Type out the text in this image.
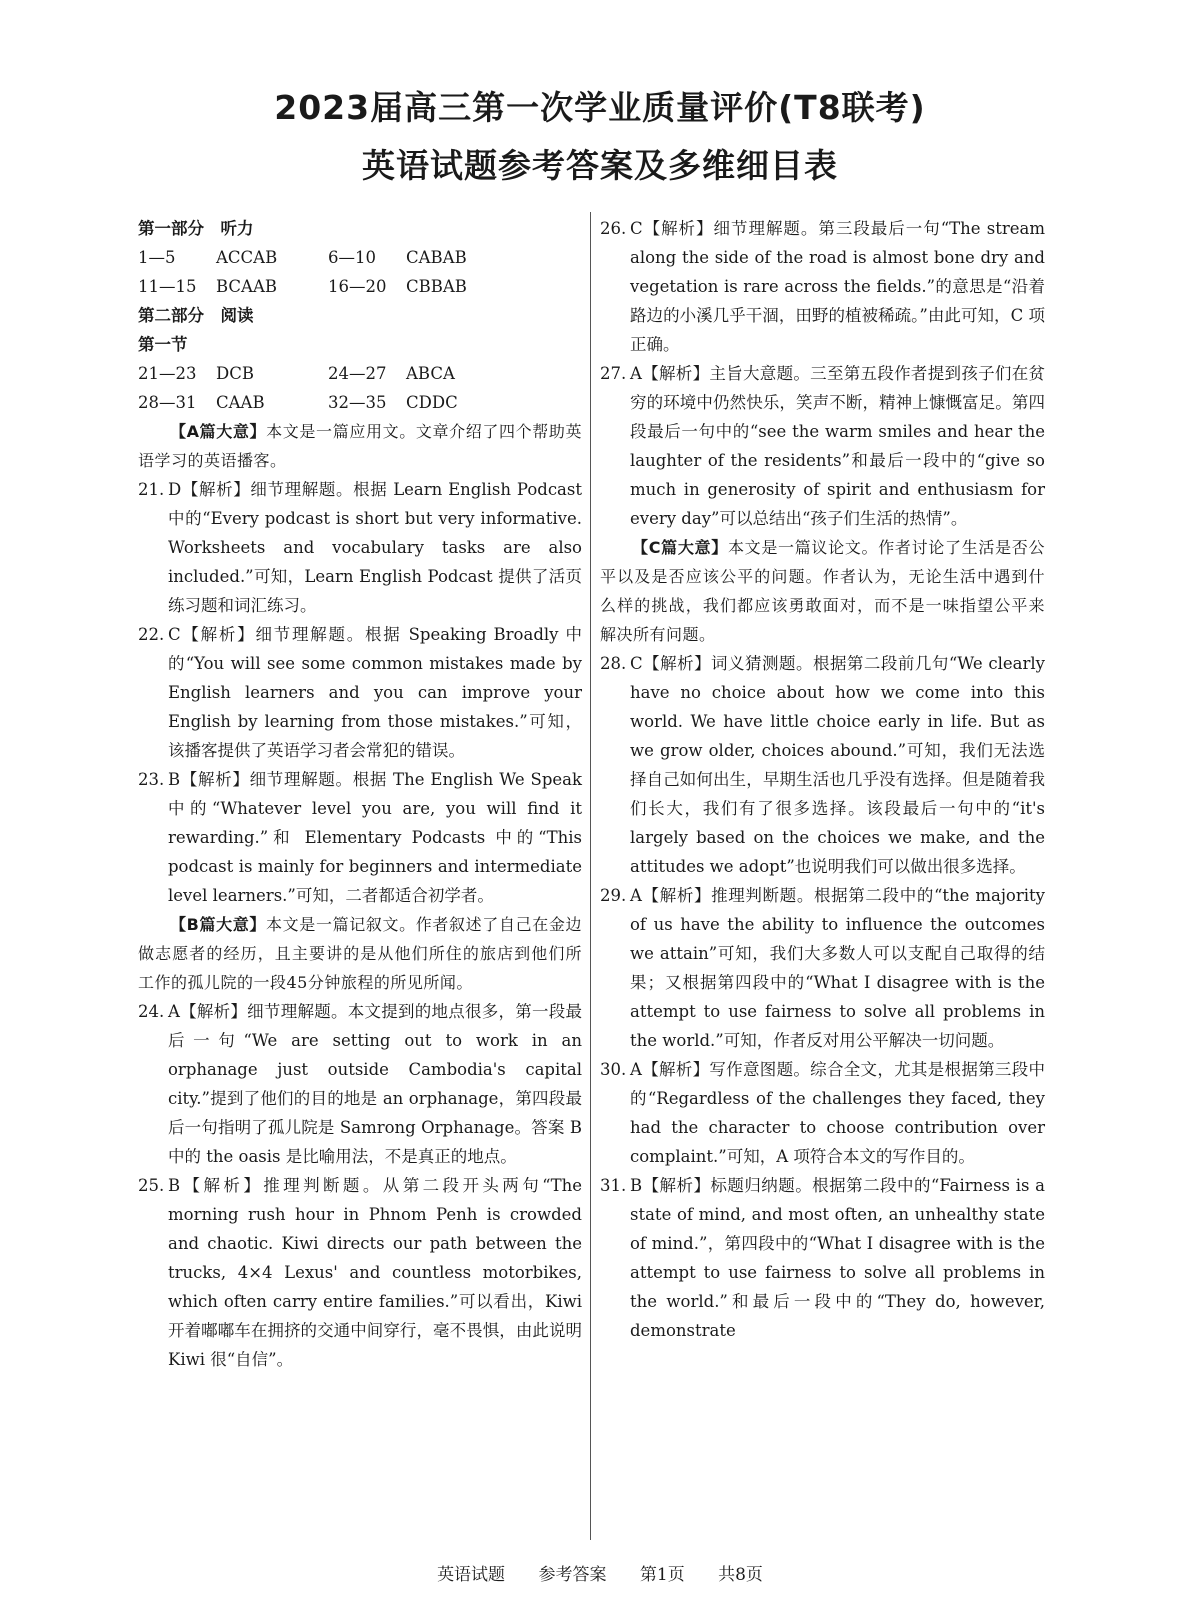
2023届高三第一次学业质量评价(T8联考)
英语试题参考答案及多维细目表
第一部分　听力
1—5	ACCAB	6—10	CABAB
11—15	BCAAB	16—20	CBBAB
第二部分　阅读
第一节
21—23	DCB	24—27	ABCA
28—31	CAAB	32—35	CDDC

【A篇大意】本文是一篇应用文。文章介绍了四个帮助英语学习的英语播客。

21. D【解析】细节理解题。根据 Learn English Podcast 中的“Every podcast is short but very informative. Worksheets and vocabulary tasks are also included.”可知，Learn English Podcast 提供了活页练习题和词汇练习。

22. C【解析】细节理解题。根据 Speaking Broadly 中的“You will see some common mistakes made by English learners and you can improve your English by learning from those mistakes.”可知，该播客提供了英语学习者会常犯的错误。

23. B【解析】细节理解题。根据 The English We Speak 中的“Whatever level you are, you will find it rewarding.”和 Elementary Podcasts 中的“This podcast is mainly for beginners and intermediate level learners.”可知，二者都适合初学者。

【B篇大意】本文是一篇记叙文。作者叙述了自己在金边做志愿者的经历，且主要讲的是从他们所住的旅店到他们所工作的孤儿院的一段45分钟旅程的所见所闻。

24. A【解析】细节理解题。本文提到的地点很多，第一段最后一句“We are setting out to work in an orphanage just outside Cambodia's capital city.”提到了他们的目的地是 an orphanage，第四段最后一句指明了孤儿院是 Samrong Orphanage。答案 B 中的 the oasis 是比喻用法，不是真正的地点。

25. B【解析】推理判断题。从第二段开头两句“The morning rush hour in Phnom Penh is crowded and chaotic. Kiwi directs our path between the trucks, 4×4 Lexus' and countless motorbikes, which often carry entire families.”可以看出，Kiwi 开着嘟嘟车在拥挤的交通中间穿行，毫不畏惧，由此说明 Kiwi 很“自信”。

26. C【解析】细节理解题。第三段最后一句“The stream along the side of the road is almost bone dry and vegetation is rare across the fields.”的意思是“沿着路边的小溪几乎干涸，田野的植被稀疏。”由此可知，C 项正确。

27. A【解析】主旨大意题。三至第五段作者提到孩子们在贫穷的环境中仍然快乐，笑声不断，精神上慷慨富足。第四段最后一句中的“see the warm smiles and hear the laughter of the residents”和最后一段中的“give so much in generosity of spirit and enthusiasm for every day”可以总结出“孩子们生活的热情”。

【C篇大意】本文是一篇议论文。作者讨论了生活是否公平以及是否应该公平的问题。作者认为，无论生活中遇到什么样的挑战，我们都应该勇敢面对，而不是一味指望公平来解决所有问题。

28. C【解析】词义猜测题。根据第二段前几句“We clearly have no choice about how we come into this world. We have little choice early in life. But as we grow older, choices abound.”可知，我们无法选择自己如何出生，早期生活也几乎没有选择。但是随着我们长大，我们有了很多选择。该段最后一句中的“it's largely based on the choices we make, and the attitudes we adopt”也说明我们可以做出很多选择。

29. A【解析】推理判断题。根据第二段中的“the majority of us have the ability to influence the outcomes we attain”可知，我们大多数人可以支配自己取得的结果；又根据第四段中的“What I disagree with is the attempt to use fairness to solve all problems in the world.”可知，作者反对用公平解决一切问题。

30. A【解析】写作意图题。综合全文，尤其是根据第三段中的“Regardless of the challenges they faced, they had the character to choose contribution over complaint.”可知，A 项符合本文的写作目的。

31. B【解析】标题归纳题。根据第二段中的“Fairness is a state of mind, and most often, an unhealthy state of mind.”，第四段中的“What I disagree with is the attempt to use fairness to solve all problems in the world.”和最后一段中的“They do, however, demonstrate

英语试题 参考答案 第1页 共8页
